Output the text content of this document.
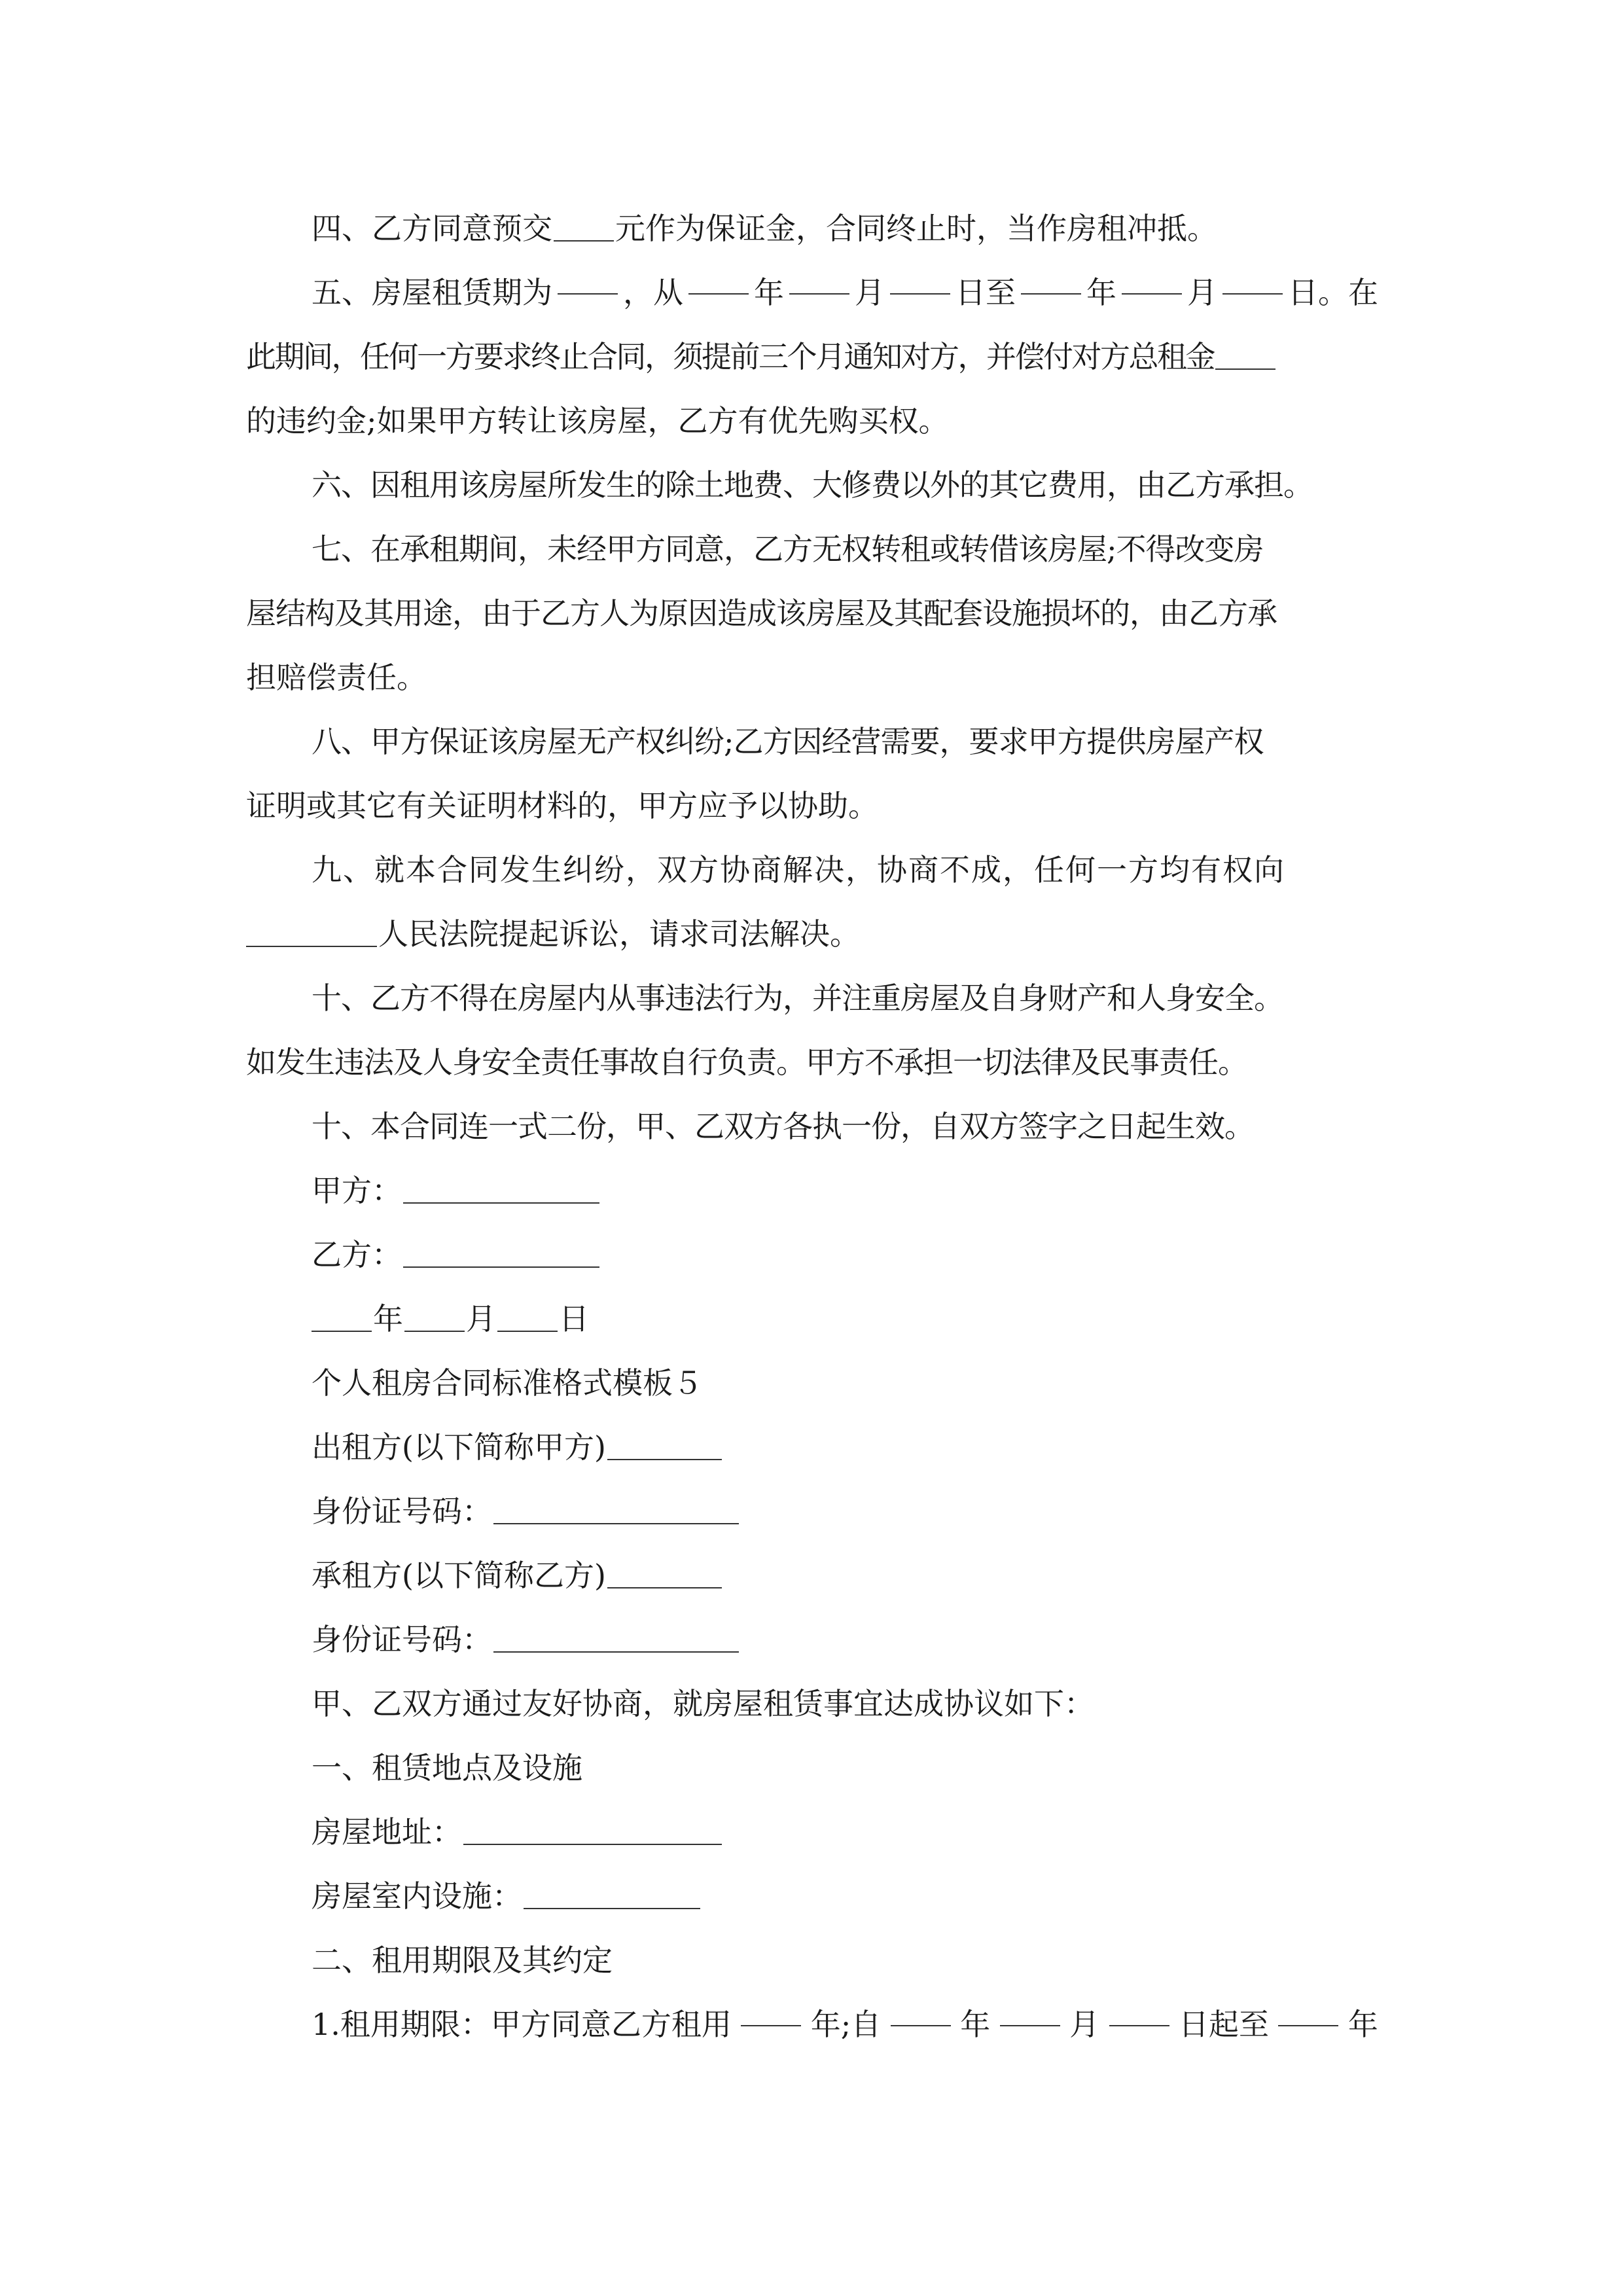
四、乙方同意预交 元作为保证金，合同终止时，当作房租冲抵。
五、房屋租赁期为 ，从 年 月 日至 年 月 日。在
此期间，任何一方要求终止合同，须提前三个月通知对方，并偿付对方总租金
的违约金;如果甲方转让该房屋，乙方有优先购买权。
六、因租用该房屋所发生的除土地费、大修费以外的其它费用，由乙方承担。
七、在承租期间，未经甲方同意，乙方无权转租或转借该房屋;不得改变房
屋结构及其用途，由于乙方人为原因造成该房屋及其配套设施损坏的，由乙方承
担赔偿责任。
八、甲方保证该房屋无产权纠纷;乙方因经营需要，要求甲方提供房屋产权
证明或其它有关证明材料的，甲方应予以协助。
九、就本合同发生纠纷，双方协商解决，协商不成，任何一方均有权向
人民法院提起诉讼，请求司法解决。
十、乙方不得在房屋内从事违法行为，并注重房屋及自身财产和人身安全。
如发生违法及人身安全责任事故自行负责。甲方不承担一切法律及民事责任。
十、本合同连一式二份，甲、乙双方各执一份，自双方签字之日起生效。
甲方：
乙方：
年 月 日
个人租房合同标准格式模板５
出租方(以下简称甲方)
身份证号码：
承租方(以下简称乙方)
身份证号码：
甲、乙双方通过友好协商，就房屋租赁事宜达成协议如下：
一、租赁地点及设施
房屋地址：
房屋室内设施：
二、租用期限及其约定
1.租用期限：甲方同意乙方租用	年;自	年	月	日起至	年
